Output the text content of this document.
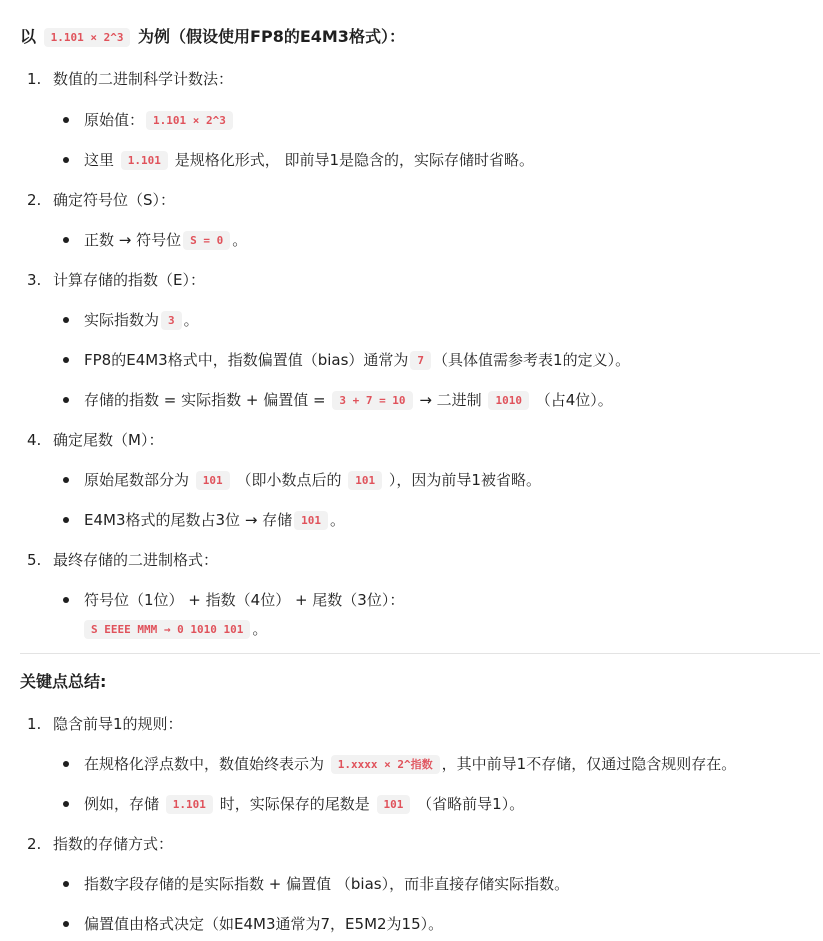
以 1.101 × 2^3 为例（假设使用FP8的E4M3格式）：
1. 数值的二进制科学计数法：
原始值： 1.101 × 2^3
这里 1.101 是规格化形式， 即前导1是隐含的，实际存储时省略。
2. 确定符号位（S）：
正数 → 符号位 S = 0 。
3. 计算存储的指数（E）：
实际指数为 3 。
FP8的E4M3格式中，指数偏置值（bias）通常为 7 （具体值需参考表1的定义）。
存储的指数 = 实际指数 + 偏置值 = 3 + 7 = 10 → 二进制 1010 （占4位）。
4. 确定尾数（M）：
原始尾数部分为 101 （即小数点后的 101 ），因为前导1被省略。
E4M3格式的尾数占3位 → 存储 101 。
5. 最终存储的二进制格式：
符号位（1位） + 指数（4位） + 尾数（3位）：
S EEEE MMM → 0 1010 101 。
关键点总结:
1. 隐含前导1的规则：
在规格化浮点数中，数值始终表示为 1.xxxx × 2^指数 ，其中前导1不存储，仅通过隐含规则存在。
例如，存储 1.101 时，实际保存的尾数是 101 （省略前导1）。
2. 指数的存储方式：
指数字段存储的是实际指数 + 偏置值 （bias），而非直接存储实际指数。
偏置值由格式决定（如E4M3通常为7，E5M2为15）。
